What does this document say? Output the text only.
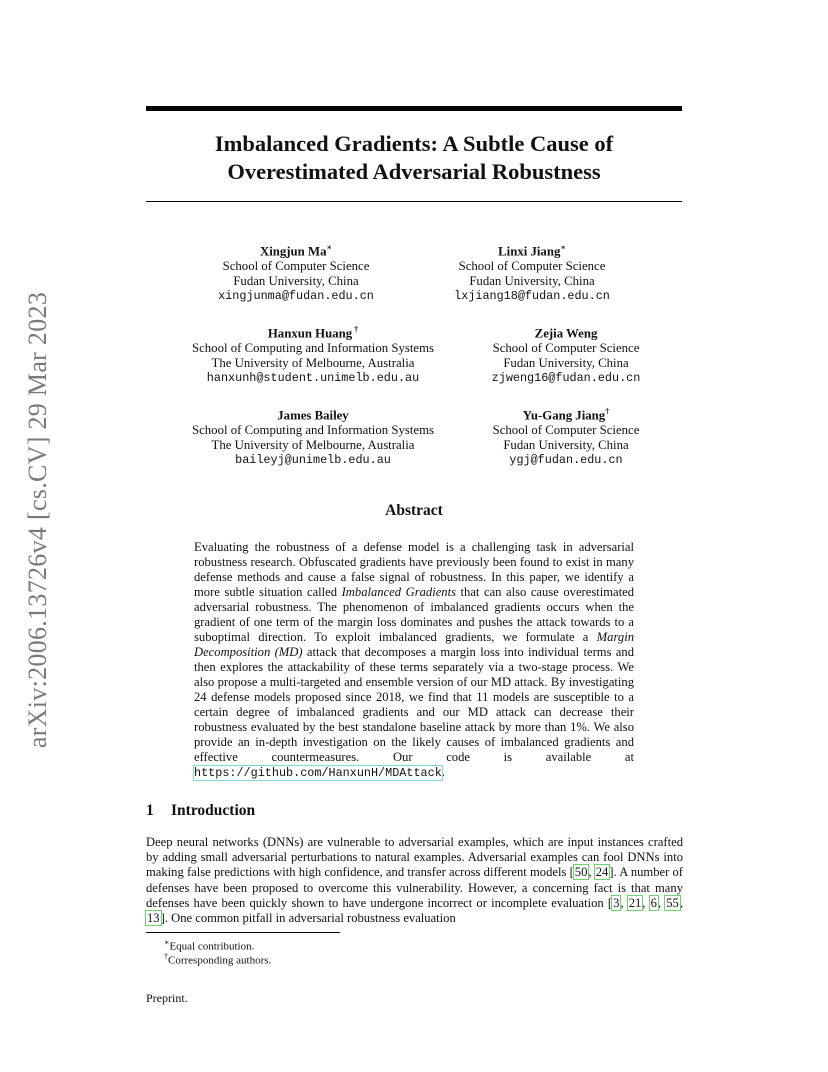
arXiv:2006.13726v4 [cs.CV] 29 Mar 2023
Imbalanced Gradients: A Subtle Cause of
Overestimated Adversarial Robustness
Xingjun Ma∗
School of Computer Science
Fudan University, China
xingjunma@fudan.edu.cn
Linxi Jiang∗
School of Computer Science
Fudan University, China
lxjiang18@fudan.edu.cn
Hanxun Huang †
School of Computing and Information Systems
The University of Melbourne, Australia
hanxunh@student.unimelb.edu.au
Zejia Weng
School of Computer Science
Fudan University, China
zjweng16@fudan.edu.cn
James Bailey
School of Computing and Information Systems
The University of Melbourne, Australia
baileyj@unimelb.edu.au
Yu-Gang Jiang†
School of Computer Science
Fudan University, China
ygj@fudan.edu.cn
Abstract
Evaluating the robustness of a defense model is a challenging task in adversarial robustness research. Obfuscated gradients have previously been found to exist in many defense methods and cause a false signal of robustness. In this paper, we identify a more subtle situation called Imbalanced Gradients that can also cause overestimated adversarial robustness. The phenomenon of imbalanced gradients occurs when the gradient of one term of the margin loss dominates and pushes the attack towards to a suboptimal direction. To exploit imbalanced gradients, we formulate a Margin Decomposition (MD) attack that decomposes a margin loss into individual terms and then explores the attackability of these terms separately via a two-stage process. We also propose a multi-targeted and ensemble version of our MD attack. By investigating 24 defense models proposed since 2018, we find that 11 models are susceptible to a certain degree of imbalanced gradients and our MD attack can decrease their robustness evaluated by the best standalone baseline attack by more than 1%. We also provide an in-depth investigation on the likely causes of imbalanced gradients and effective countermeasures. Our code is available at https://github.com/HanxunH/MDAttack.
1 Introduction
Deep neural networks (DNNs) are vulnerable to adversarial examples, which are input instances crafted by adding small adversarial perturbations to natural examples. Adversarial examples can fool DNNs into making false predictions with high confidence, and transfer across different models [50, 24]. A number of defenses have been proposed to overcome this vulnerability. However, a concerning fact is that many defenses have been quickly shown to have undergone incorrect or incomplete evaluation [3, 21, 6, 55, 13]. One common pitfall in adversarial robustness evaluation
∗Equal contribution.
†Corresponding authors.
Preprint.
